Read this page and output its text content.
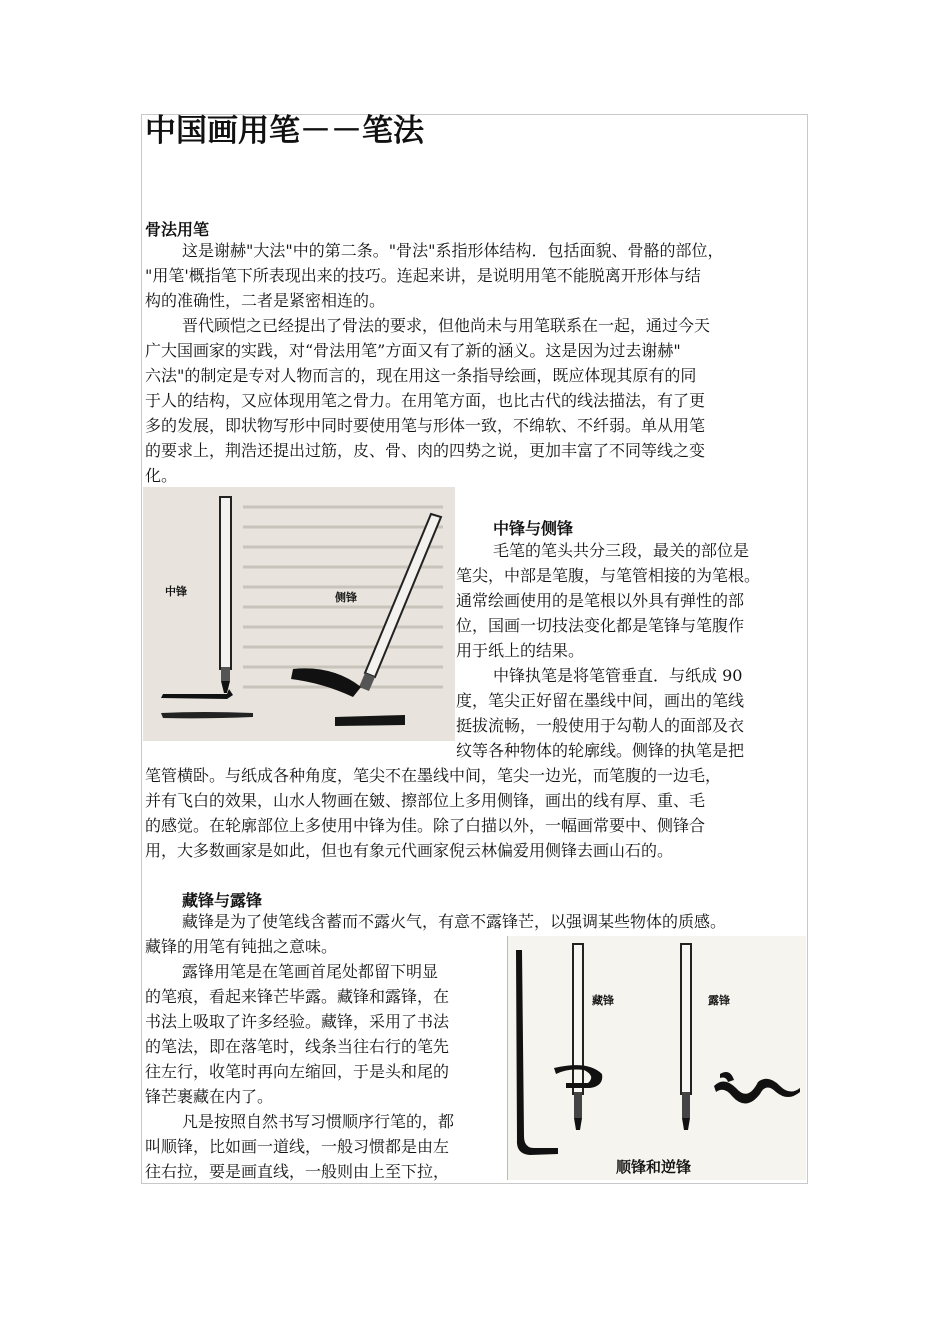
中国画用笔－－笔法
骨法用笔
这是谢赫"大法"中的第二条。"骨法"系指形体结构．包括面貌、骨骼的部位，
"用笔'概指笔下所表现出来的技巧。连起来讲，是说明用笔不能脱离开形体与结
构的准确性，二者是紧密相连的。
晋代顾恺之已经提出了骨法的要求，但他尚未与用笔联系在一起，通过今天
广大国画家的实践，对“骨法用笔”方面又有了新的涵义。这是因为过去谢赫"
六法"的制定是专对人物而言的，现在用这一条指导绘画，既应体现其原有的同
于人的结构，又应体现用笔之骨力。在用笔方面，也比古代的线法描法，有了更
多的发展，即状物写形中同时要使用笔与形体一致，不绵软、不纤弱。单从用笔
的要求上，荆浩还提出过筋，皮、骨、肉的四势之说，更加丰富了不同等线之变
化。
中锋	侧锋
中锋与侧锋
毛笔的笔头共分三段，最关的部位是
笔尖，中部是笔腹，与笔管相接的为笔根。
通常绘画使用的是笔根以外具有弹性的部
位，国画一切技法变化都是笔锋与笔腹作
用于纸上的结果。
中锋执笔是将笔管垂直．与纸成 90
度，笔尖正好留在墨线中间，画出的笔线
挺拔流畅，一般使用于勾勒人的面部及衣
纹等各种物体的轮廓线。侧锋的执笔是把
笔管横卧。与纸成各种角度，笔尖不在墨线中间，笔尖一边光，而笔腹的一边毛，
并有飞白的效果，山水人物画在皴、擦部位上多用侧锋，画出的线有厚、重、毛
的感觉。在轮廓部位上多使用中锋为佳。除了白描以外，一幅画常要中、侧锋合
用，大多数画家是如此，但也有象元代画家倪云林偏爱用侧锋去画山石的。
藏锋与露锋
藏锋是为了使笔线含蓄而不露火气，有意不露锋芒，以强调某些物体的质感。
藏锋的用笔有钝拙之意味。
露锋用笔是在笔画首尾处都留下明显
的笔痕，看起来锋芒毕露。藏锋和露锋，在
书法上吸取了许多经验。藏锋，采用了书法
的笔法，即在落笔时，线条当往右行的笔先
往左行，收笔时再向左缩回，于是头和尾的
锋芒裹藏在内了。
凡是按照自然书写习惯顺序行笔的，都
叫顺锋，比如画一道线，一般习惯都是由左
往右拉，要是画直线，一般则由上至下拉，
藏锋	露锋
顺锋和逆锋
